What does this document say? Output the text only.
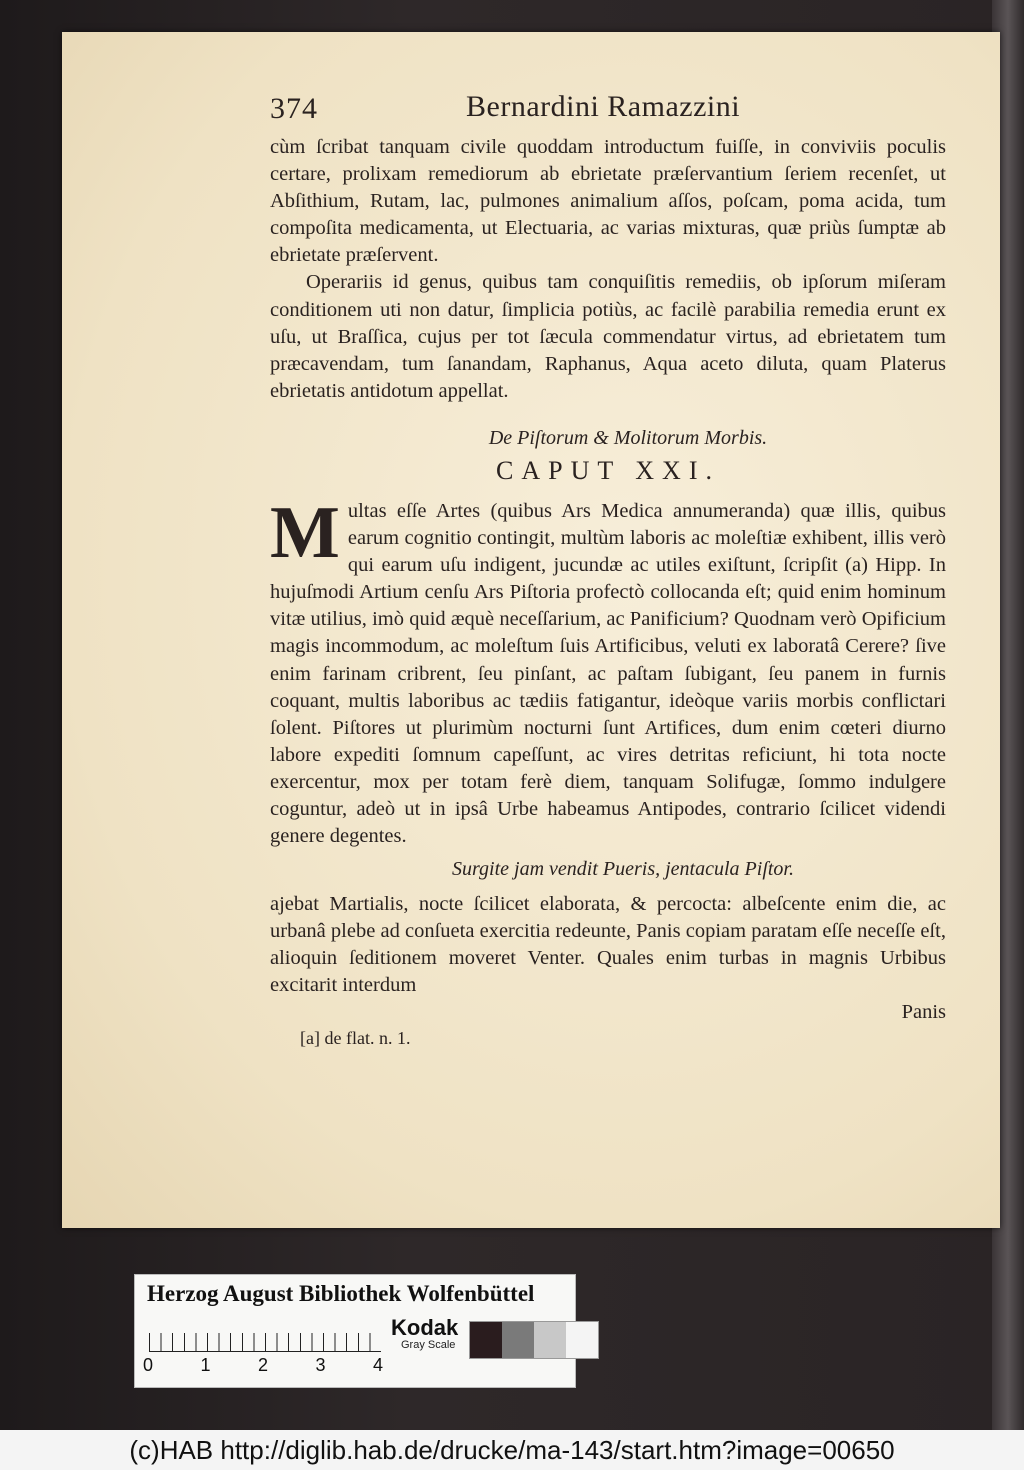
374	Bernardini Ramazzini

cùm ſcribat tanquam civile quoddam introductum fuiſſe, in conviviis poculis certare, prolixam remediorum ab ebrietate præſervantium ſeriem recenſet, ut Abſithium, Rutam, lac, pulmones animalium aſſos, poſcam, poma acida, tum compoſita medicamenta, ut Electuaria, ac varias mixturas, quæ priùs ſumptæ ab ebrietate præſervent.

Operariis id genus, quibus tam conquiſitis remediis, ob ipſorum miſeram conditionem uti non datur, ſimplicia potiùs, ac facilè parabilia remedia erunt ex uſu, ut Braſſica, cujus per tot ſæcula commendatur virtus, ad ebrietatem tum præcavendam, tum ſanandam, Raphanus, Aqua aceto diluta, quam Platerus ebrietatis antidotum appellat.

De Piſtorum & Molitorum Morbis.
CAPUT XXI.

M ultas eſſe Artes (quibus Ars Medica annumeranda) quæ illis, quibus earum cognitio contingit, multùm laboris ac moleſtiæ exhibent, illis verò qui earum uſu indigent, jucundæ ac utiles exiſtunt, ſcripſit (a) Hipp. In hujuſmodi Artium cenſu Ars Piſtoria profectò collocanda eſt; quid enim hominum vitæ utilius, imò quid æquè neceſſarium, ac Panificium? Quodnam verò Opificium magis incommodum, ac moleſtum ſuis Artificibus, veluti ex laboratâ Cerere? ſive enim farinam cribrent, ſeu pinſant, ac paſtam ſubigant, ſeu panem in furnis coquant, multis laboribus ac tædiis fatigantur, ideòque variis morbis conflictari ſolent. Piſtores ut plurimùm nocturni ſunt Artifices, dum enim cœteri diurno labore expediti ſomnum capeſſunt, ac vires detritas reficiunt, hi tota nocte exercentur, mox per totam ferè diem, tanquam Solifugæ, ſommo indulgere coguntur, adeò ut in ipsâ Urbe habeamus Antipodes, contrario ſcilicet videndi genere degentes.

Surgite jam vendit Pueris, jentacula Piſtor.

ajebat Martialis, nocte ſcilicet elaborata, & percocta: albeſcente enim die, ac urbanâ plebe ad conſueta exercitia redeunte, Panis copiam paratam eſſe neceſſe eſt, alioquin ſeditionem moveret Venter. Quales enim turbas in magnis Urbibus excitarit interdum

Panis

[a] de flat. n. 1.
Herzog August Bibliothek Wolfenbüttel
0	1	2	3	4
Kodak
Gray Scale
(c)HAB http://diglib.hab.de/drucke/ma-143/start.htm?image=00650
